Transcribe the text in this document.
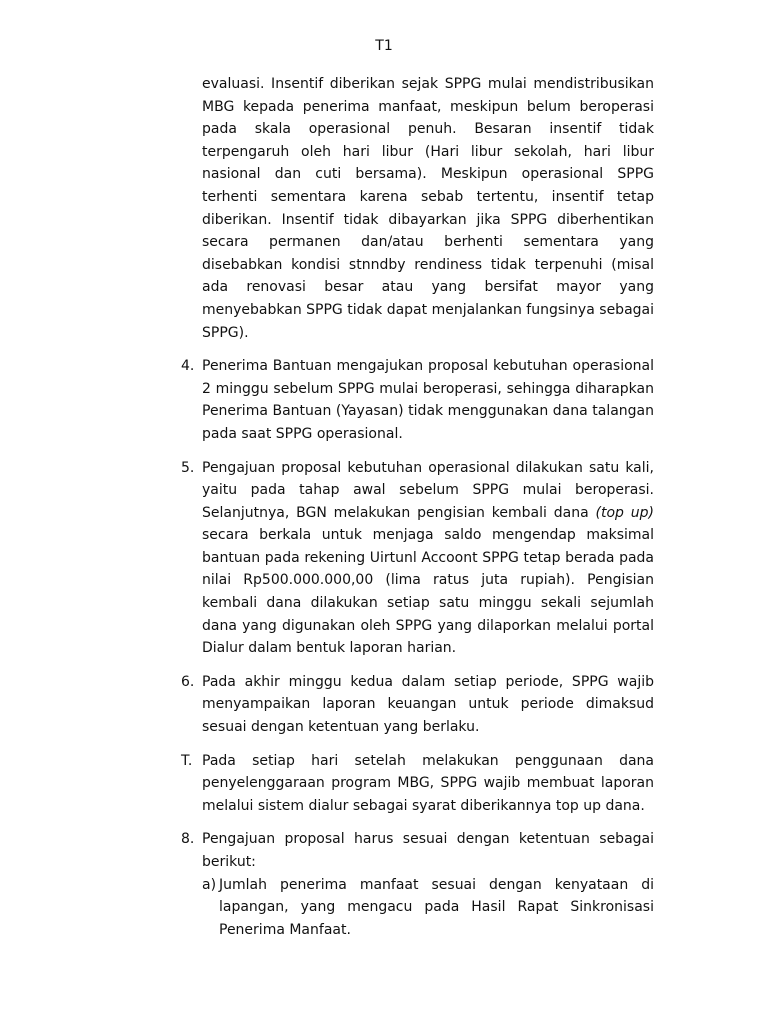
T1

evaluasi. Insentif diberikan sejak SPPG mulai mendistribusikan MBG kepada penerima manfaat, meskipun belum beroperasi pada skala operasional penuh. Besaran insentif tidak terpengaruh oleh hari libur (Hari libur sekolah, hari libur nasional dan cuti bersama). Meskipun operasional SPPG terhenti sementara karena sebab tertentu, insentif tetap diberikan. Insentif tidak dibayarkan jika SPPG diberhentikan secara permanen dan/atau berhenti sementara yang disebabkan kondisi stnndby rendiness tidak terpenuhi (misal ada renovasi besar atau yang bersifat mayor yang menyebabkan SPPG tidak dapat menjalankan fungsinya sebagai SPPG).

4. Penerima Bantuan mengajukan proposal kebutuhan operasional 2 minggu sebelum SPPG mulai beroperasi, sehingga diharapkan Penerima Bantuan (Yayasan) tidak menggunakan dana talangan pada saat SPPG operasional.
5. Pengajuan proposal kebutuhan operasional dilakukan satu kali, yaitu pada tahap awal sebelum SPPG mulai beroperasi. Selanjutnya, BGN melakukan pengisian kembali dana (top up) secara berkala untuk menjaga saldo mengendap maksimal bantuan pada rekening Uirtunl Accoont SPPG tetap berada pada nilai Rp500.000.000,00 (lima ratus juta rupiah). Pengisian kembali dana dilakukan setiap satu minggu sekali sejumlah dana yang digunakan oleh SPPG yang dilaporkan melalui portal Dialur dalam bentuk laporan harian.
6. Pada akhir minggu kedua dalam setiap periode, SPPG wajib menyampaikan laporan keuangan untuk periode dimaksud sesuai dengan ketentuan yang berlaku.
T. Pada setiap hari setelah melakukan penggunaan dana penyelenggaraan program MBG, SPPG wajib membuat laporan melalui sistem dialur sebagai syarat diberikannya top up dana.
8. Pengajuan proposal harus sesuai dengan ketentuan sebagai berikut:
a) Jumlah penerima manfaat sesuai dengan kenyataan di lapangan, yang mengacu pada Hasil Rapat Sinkronisasi Penerima Manfaat.
